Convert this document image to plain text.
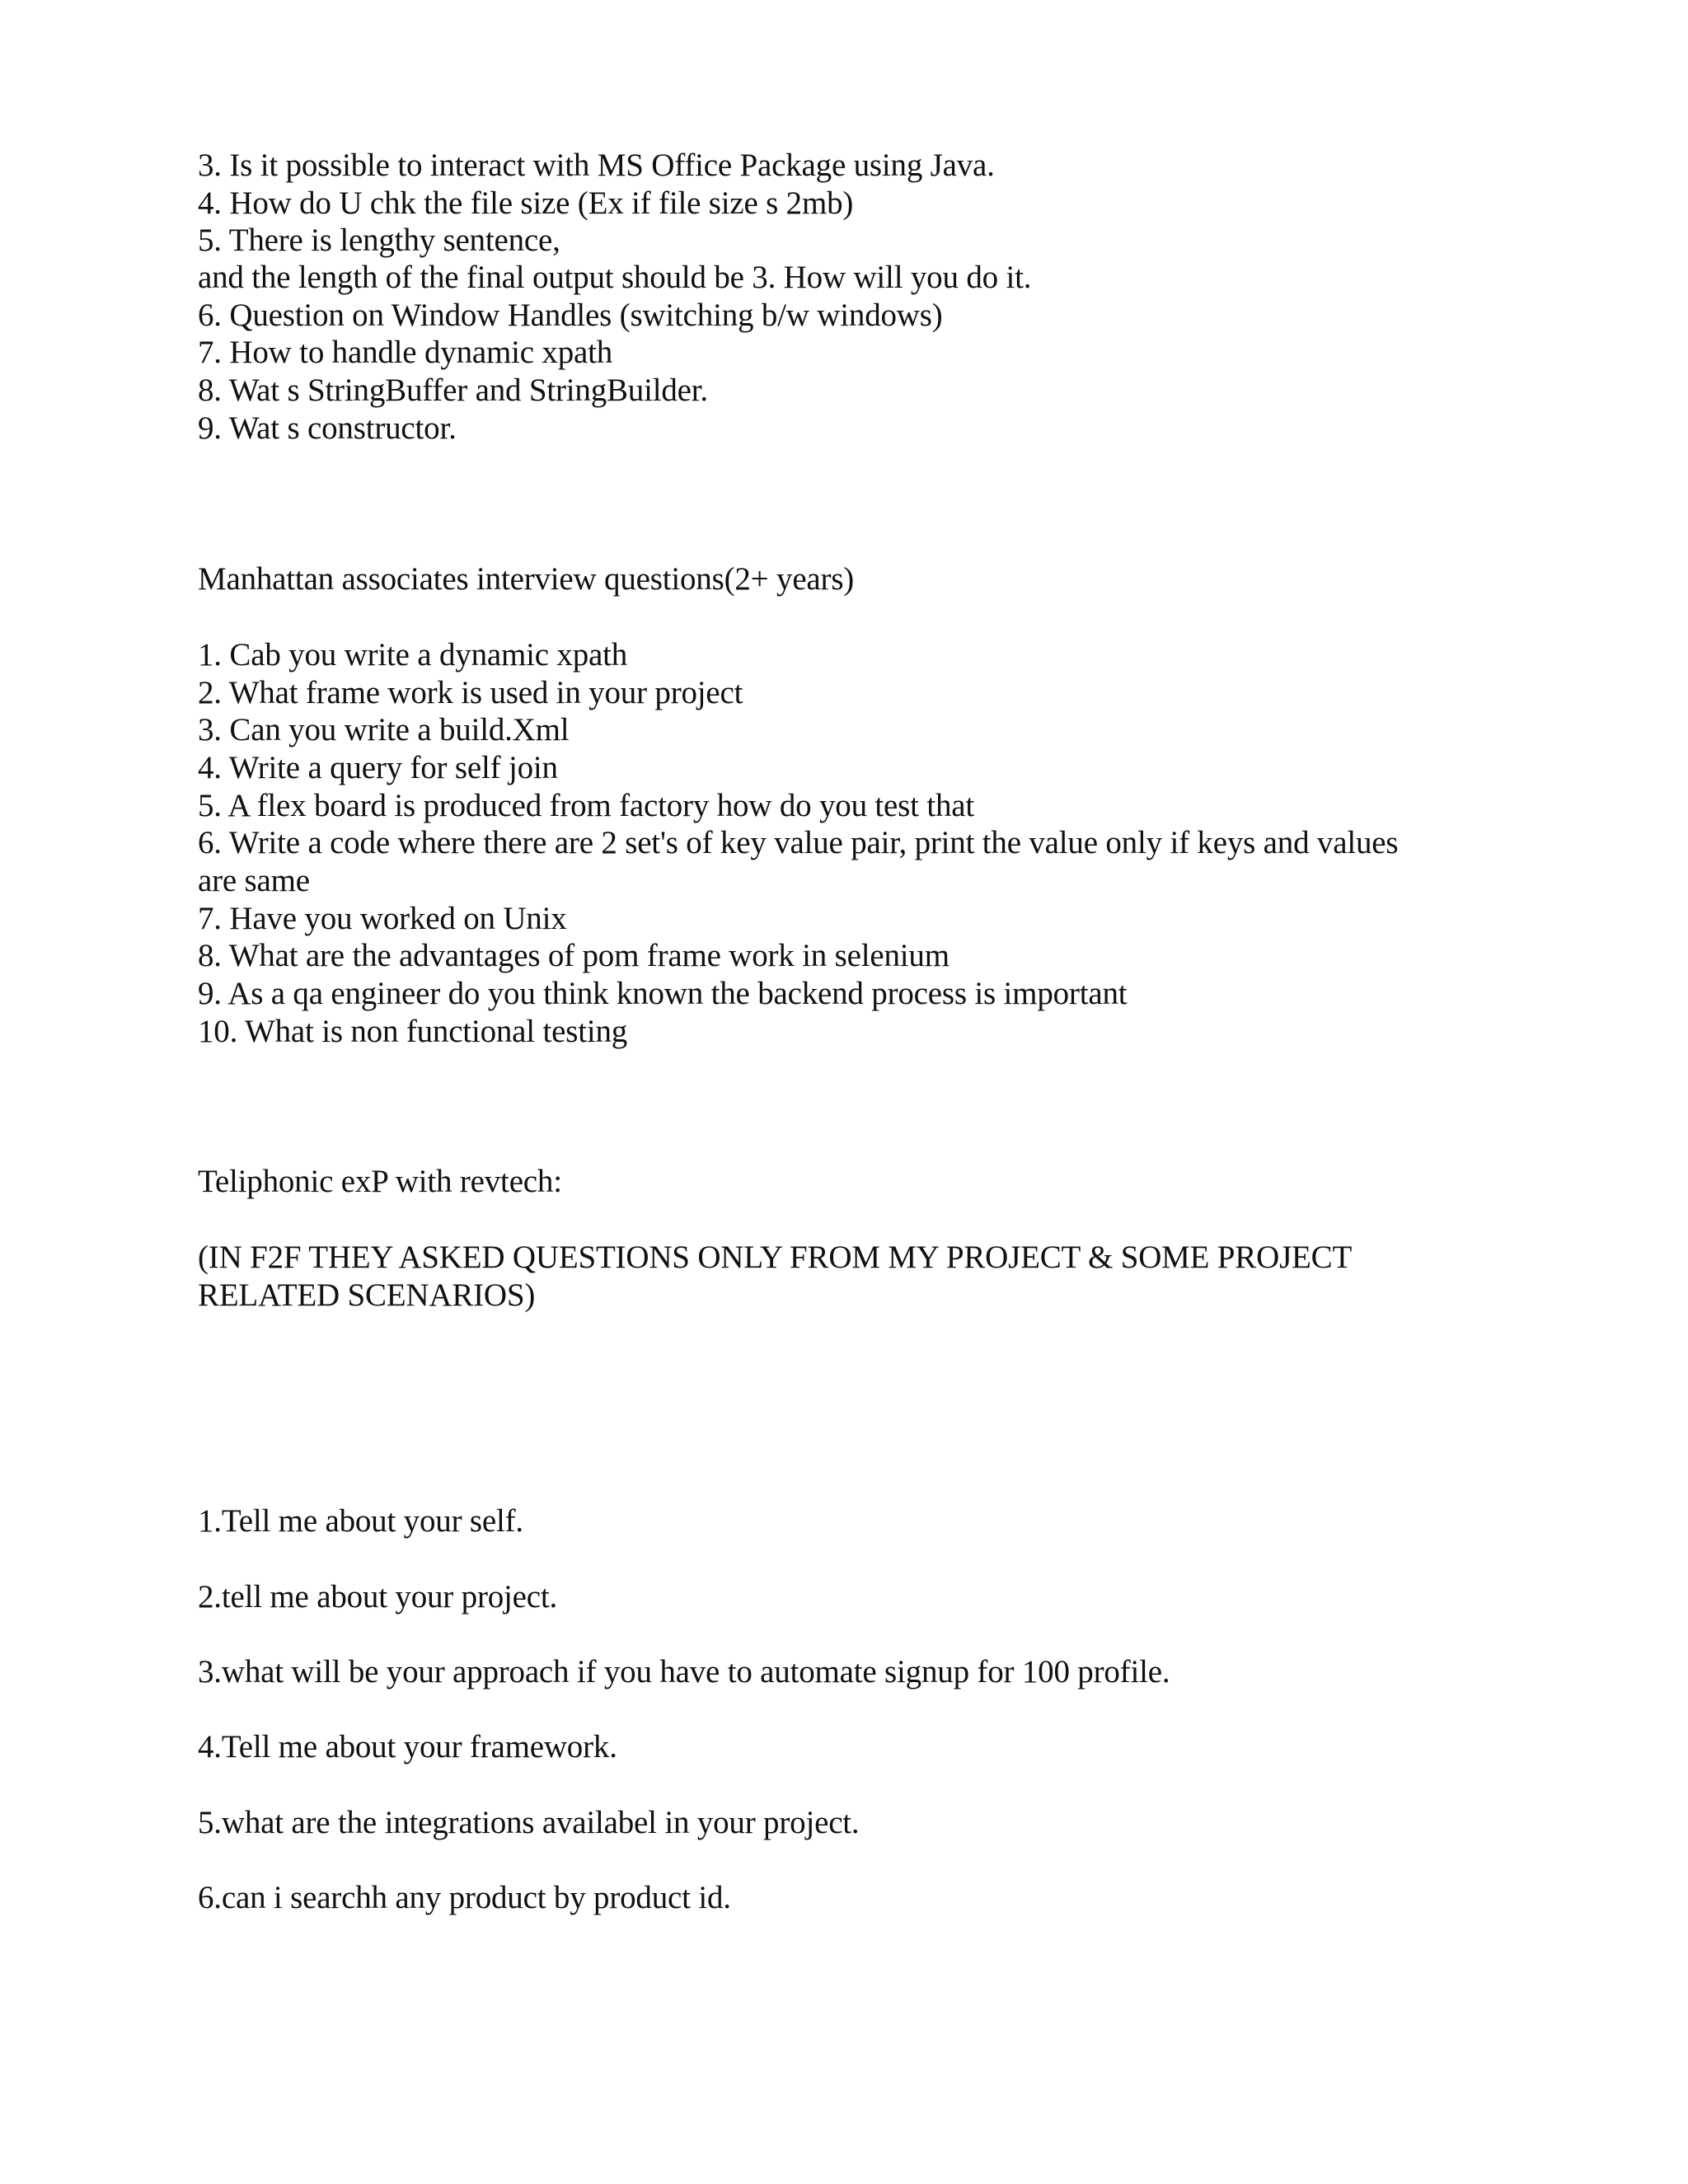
3. Is it possible to interact with MS Office Package using Java.
4. How do U chk the file size (Ex if file size s 2mb)
5. There is lengthy sentence,
and the length of the final output should be 3. How will you do it.
6. Question on Window Handles (switching b/w windows)
7. How to handle dynamic xpath
8. Wat s StringBuffer and StringBuilder.
9. Wat s constructor.
Manhattan associates interview questions(2+ years)
1. Cab you write a dynamic xpath
2. What frame work is used in your project
3. Can you write a build.Xml
4. Write a query for self join
5. A flex board is produced from factory how do you test that
6. Write a code where there are 2 set's of key value pair, print the value only if keys and values
are same
7. Have you worked on Unix
8. What are the advantages of pom frame work in selenium
9. As a qa engineer do you think known the backend process is important
10. What is non functional testing
Teliphonic exP with revtech:
(IN F2F THEY ASKED QUESTIONS ONLY FROM MY PROJECT & SOME PROJECT
RELATED SCENARIOS)
1.Tell me about your self.
2.tell me about your project.
3.what will be your approach if you have to automate signup for 100 profile.
4.Tell me about your framework.
5.what are the integrations availabel in your project.
6.can i searchh any product by product id.
